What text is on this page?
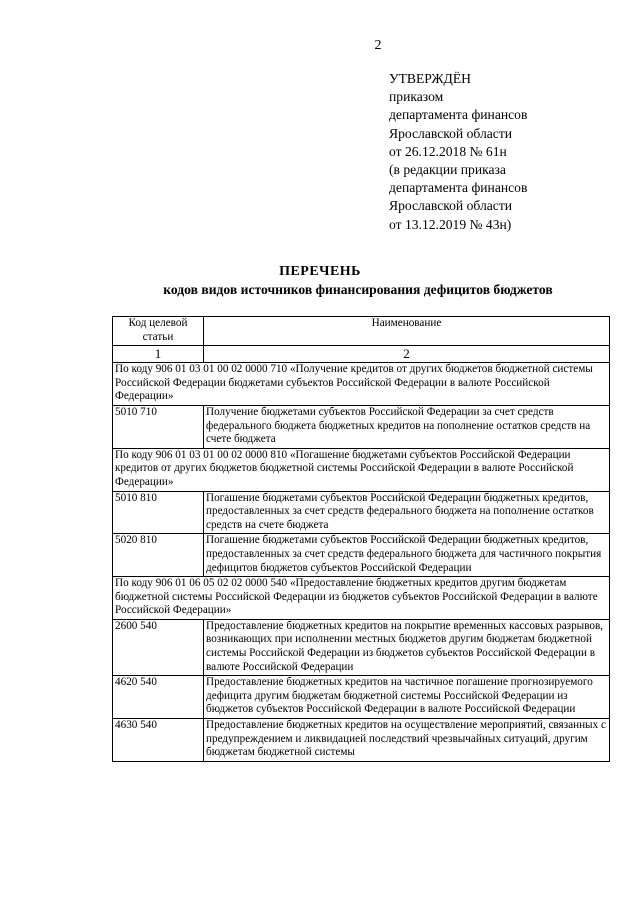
2
УТВЕРЖДЁН
приказом
департамента финансов
Ярославской области
от 26.12.2018 № 61н
(в редакции приказа
департамента финансов
Ярославской области
от 13.12.2019 № 43н)
ПЕРЕЧЕНЬ
кодов видов источников финансирования дефицитов бюджетов
Код целевой статьи	Наименование
1	2
По коду 906 01 03 01 00 02 0000 710 «Получение кредитов от других бюджетов бюджетной системы Российской Федерации бюджетами субъектов Российской Федерации в валюте Российской Федерации»	
5010 710	Получение бюджетами субъектов Российской Федерации за счет средств федерального бюджета бюджетных кредитов на пополнение остатков средств на счете бюджета
По коду 906 01 03 01 00 02 0000 810 «Погашение бюджетами субъектов Российской Федерации кредитов от других бюджетов бюджетной системы Российской Федерации в валюте Российской Федерации»	
5010 810	Погашение бюджетами субъектов Российской Федерации бюджетных кредитов, предоставленных за счет средств федерального бюджета на пополнение остатков средств на счете бюджета
5020 810	Погашение бюджетами субъектов Российской Федерации бюджетных кредитов, предоставленных за счет средств федерального бюджета для частичного покрытия дефицитов бюджетов субъектов Российской Федерации
По коду 906 01 06 05 02 02 0000 540 «Предоставление бюджетных кредитов другим бюджетам бюджетной системы Российской Федерации из бюджетов субъектов Российской Федерации в валюте Российской Федерации»	
2600 540	Предоставление бюджетных кредитов на покрытие временных кассовых разрывов, возникающих при исполнении местных бюджетов другим бюджетам бюджетной системы Российской Федерации из бюджетов субъектов Российской Федерации в валюте Российской Федерации
4620 540	Предоставление бюджетных кредитов на частичное погашение прогнозируемого дефицита другим бюджетам бюджетной системы Российской Федерации из бюджетов субъектов Российской Федерации в валюте Российской Федерации
4630 540	Предоставление бюджетных кредитов на осуществление мероприятий, связанных с предупреждением и ликвидацией последствий чрезвычайных ситуаций, другим бюджетам бюджетной системы
